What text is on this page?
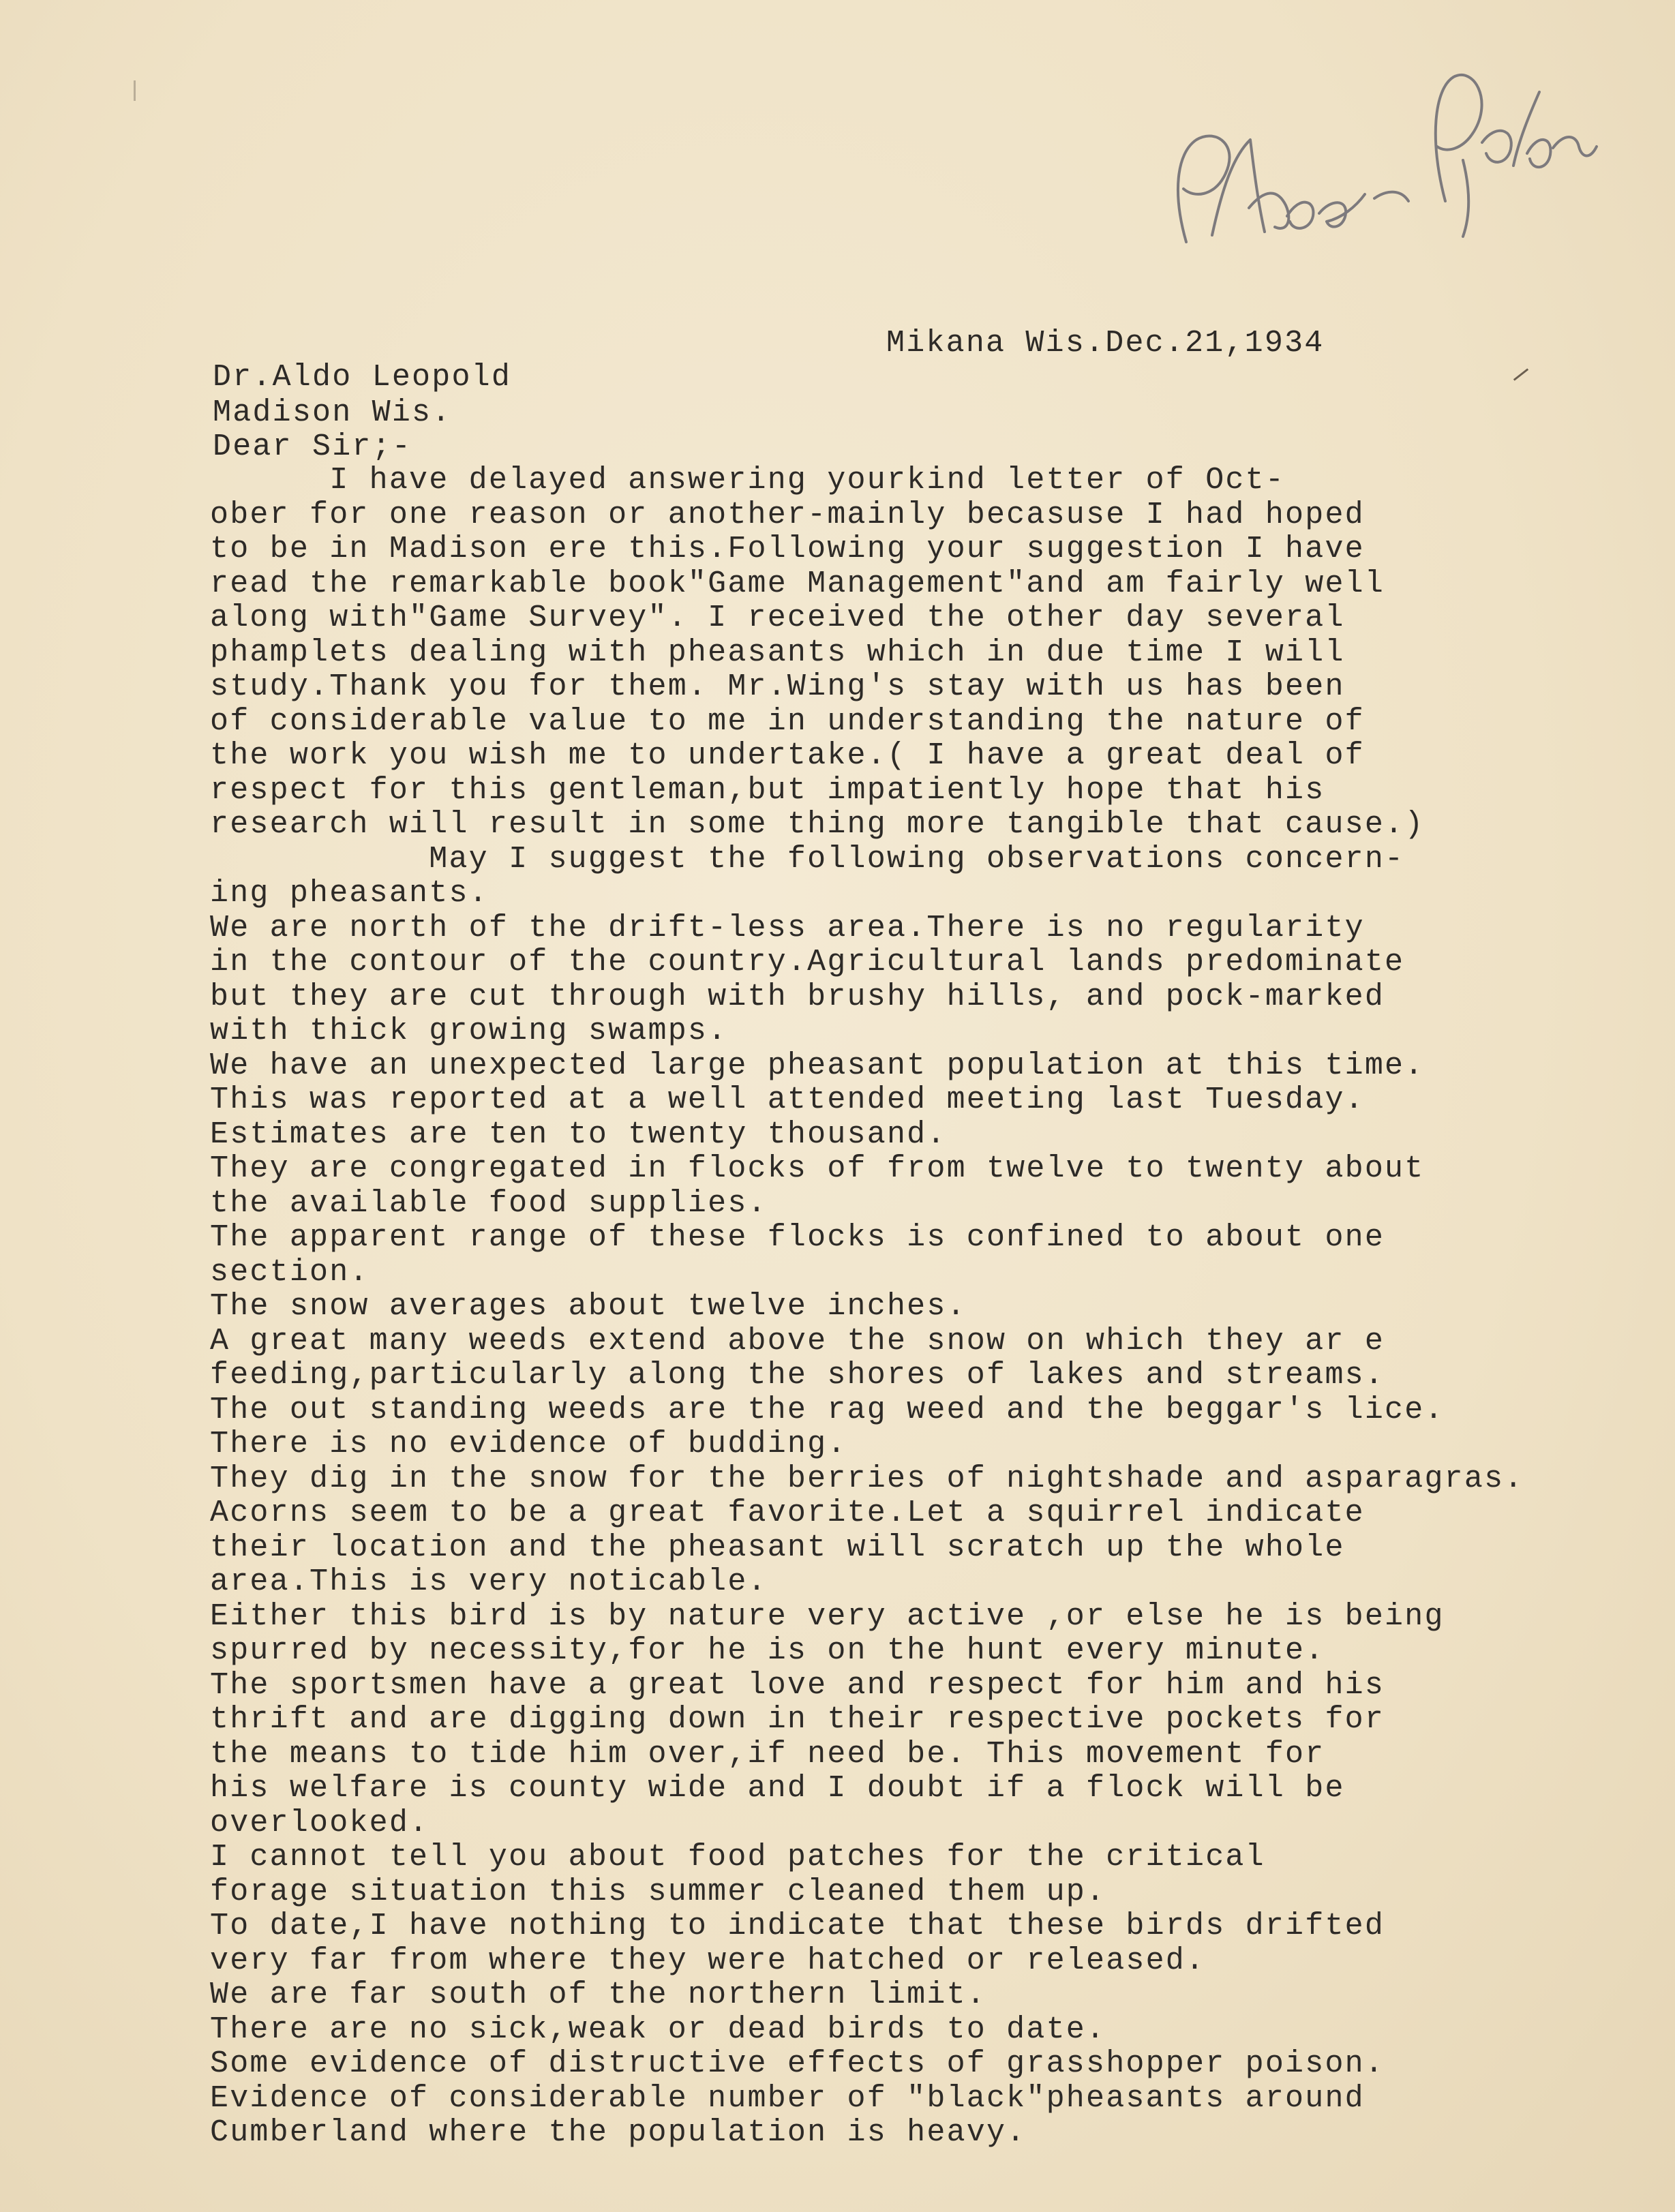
Mikana Wis.Dec.21,1934
Dr.Aldo Leopold
Madison Wis.
Dear Sir;-
I have delayed answering yourkind letter of Oct-
ober for one reason or another-mainly becasuse I had hoped
to be in Madison ere this.Following your suggestion I have
read the remarkable book"Game Management"and am fairly well
along with"Game Survey". I received the other day several
phamplets dealing with pheasants which in due time I will
study.Thank you for them. Mr.Wing's stay with us has been
of considerable value to me in understanding the nature of
the work you wish me to undertake.( I have a great deal of
respect for this gentleman,but impatiently hope that his
research will result in some thing more tangible that cause.)
May I suggest the following observations concern-
ing pheasants.
We are north of the drift-less area.There is no regularity
in the contour of the country.Agricultural lands predominate
but they are cut through with brushy hills, and pock-marked
with thick growing swamps.
We have an unexpected large pheasant population at this time.
This was reported at a well attended meeting last Tuesday.
Estimates are ten to twenty thousand.
They are congregated in flocks of from twelve to twenty about
the available food supplies.
The apparent range of these flocks is confined to about one
section.
The snow averages about twelve inches.
A great many weeds extend above the snow on which they ar e
feeding,particularly along the shores of lakes and streams.
The out standing weeds are the rag weed and the beggar's lice.
There is no evidence of budding.
They dig in the snow for the berries of nightshade and asparagras.
Acorns seem to be a great favorite.Let a squirrel indicate
their location and the pheasant will scratch up the whole
area.This is very noticable.
Either this bird is by nature very active ,or else he is being
spurred by necessity,for he is on the hunt every minute.
The sportsmen have a great love and respect for him and his
thrift and are digging down in their respective pockets for
the means to tide him over,if need be. This movement for
his welfare is county wide and I doubt if a flock will be
overlooked.
I cannot tell you about food patches for the critical
forage situation this summer cleaned them up.
To date,I have nothing to indicate that these birds drifted
very far from where they were hatched or released.
We are far south of the northern limit.
There are no sick,weak or dead birds to date.
Some evidence of distructive effects of grasshopper poison.
Evidence of considerable number of "black"pheasants around
Cumberland where the population is heavy.
